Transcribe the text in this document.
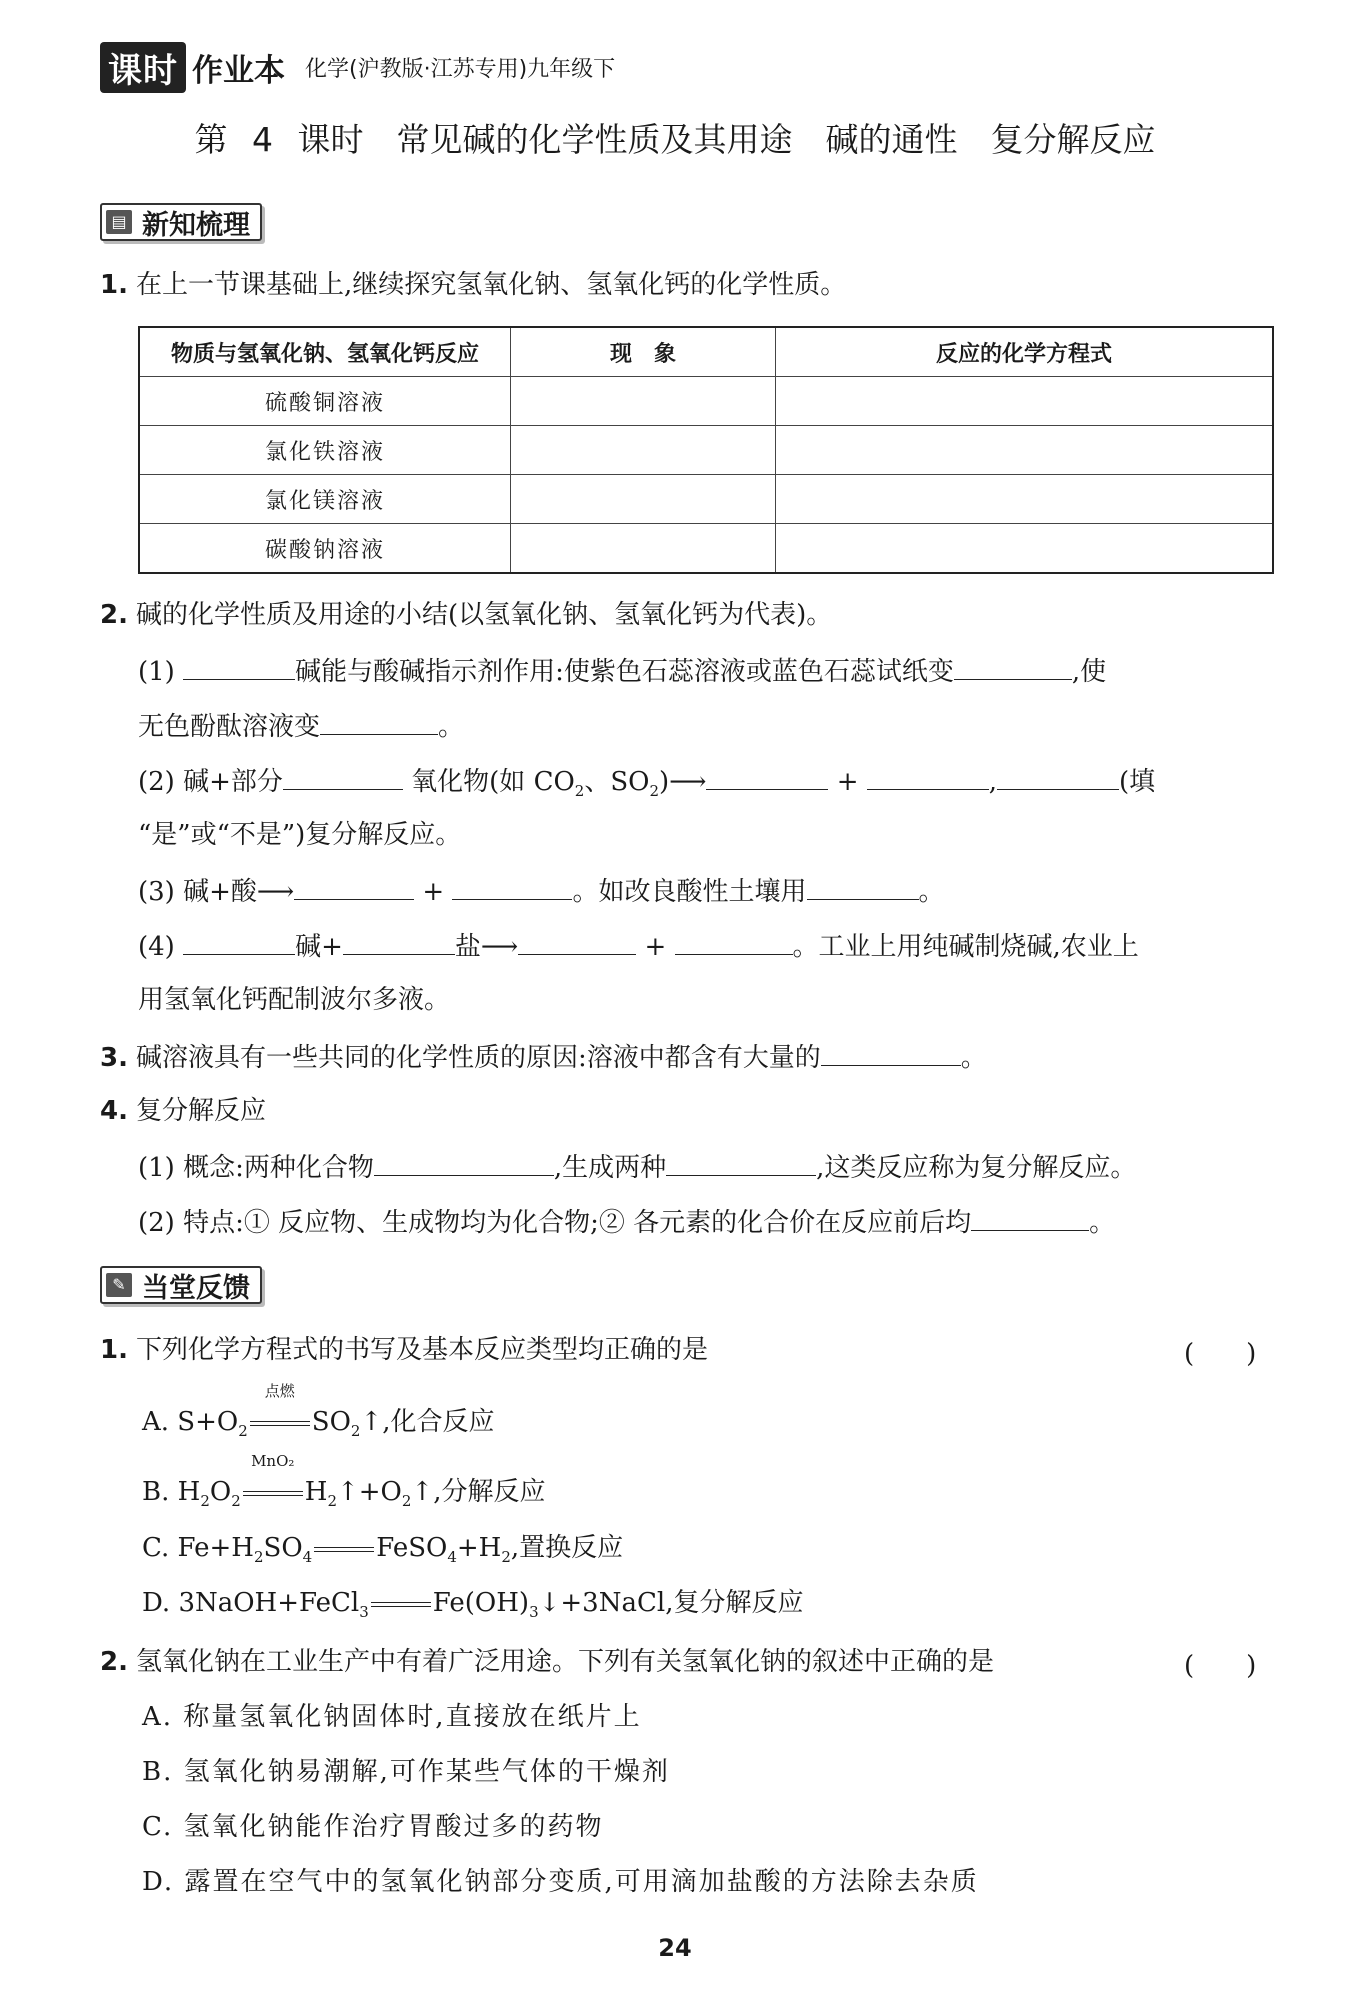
课时 作业本 化学(沪教版·江苏专用)九年级下
第 4 课时　常见碱的化学性质及其用途　碱的通性　复分解反应
▤ 新知梳理
1. 在上一节课基础上,继续探究氢氧化钠、氢氧化钙的化学性质。
物质与氢氧化钠、氢氧化钙反应	现　象	反应的化学方程式
硫酸铜溶液		
氯化铁溶液		
氯化镁溶液		
碳酸钠溶液		
2. 碱的化学性质及用途的小结(以氢氧化钠、氢氧化钙为代表)。
(1)	碱能与酸碱指示剂作用:使紫色石蕊溶液或蓝色石蕊试纸变	,使
无色酚酞溶液变	。
(2) 碱+部分	氧化物(如 $CO_2$、$SO_2)⟶$	+	,	(填
“是”或“不是”)复分解反应。
(3) 碱+酸⟶	+	。如改良酸性土壤用	。
(4)	碱+	盐⟶	+	。工业上用纯碱制烧碱,农业上
用氢氧化钙配制波尔多液。
3. 碱溶液具有一些共同的化学性质的原因:溶液中都含有大量的	。
4. 复分解反应
(1) 概念:两种化合物	,生成两种	,这类反应称为复分解反应。
(2) 特点:① 反应物、生成物均为化合物;② 各元素的化合价在反应前后均	。
✎ 当堂反馈
1. 下列化学方程式的书写及基本反应类型均正确的是	(　　)
A. $S+O_2$
点燃
$SO_2↑$,化合反应
B. $H_2O_2$
MnO₂
$H_2↑+O_2↑$,分解反应
C. $Fe+H_2SO_4$ $FeSO_4+H_2$,置换反应
D. 3NaOH+FeCl$_3$ $Fe(OH)_3↓+3NaCl$,复分解反应
2. 氢氧化钠在工业生产中有着广泛用途。下列有关氢氧化钠的叙述中正确的是	(　　)
A. 称量氢氧化钠固体时,直接放在纸片上
B. 氢氧化钠易潮解,可作某些气体的干燥剂
C. 氢氧化钠能作治疗胃酸过多的药物
D. 露置在空气中的氢氧化钠部分变质,可用滴加盐酸的方法除去杂质
24
